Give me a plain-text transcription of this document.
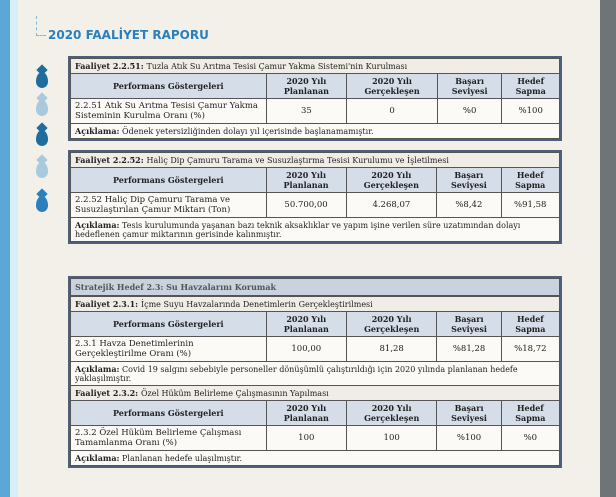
2020 FAALİYET RAPORU
Faaliyet 2.2.51: Tuzla Atık Su Arıtma Tesisi Çamur Yakma Sistemi'nin Kurulması				
Performans Göstergeleri	2020 Yılı Planlanan	2020 Yılı Gerçekleşen	Başarı Seviyesi	Hedef Sapma
2.2.51 Atık Su Arıtma Tesisi Çamur Yakma Sisteminin Kurulma Oranı (%)	35	0	%0	%100
Açıklama: Ödenek yetersizliğinden dolayı yıl içerisinde başlanamamıştır.				
Faaliyet 2.2.52: Haliç Dip Çamuru Tarama ve Susuzlaştırma Tesisi Kurulumu ve İşletilmesi				
Performans Göstergeleri	2020 Yılı Planlanan	2020 Yılı Gerçekleşen	Başarı Seviyesi	Hedef Sapma
2.2.52 Haliç Dip Çamuru Tarama ve Susuzlaştırılan Çamur Miktarı (Ton)	50.700,00	4.268,07	%8,42	%91,58
Açıklama: Tesis kurulumunda yaşanan bazı teknik aksaklıklar ve yapım işine verilen süre uzatımından dolayı hedeflenen çamur miktarının gerisinde kalınmıştır.				
Stratejik Hedef 2.3: Su Havzalarını Korumak
Faaliyet 2.3.1: İçme Suyu Havzalarında Denetimlerin Gerçekleştirilmesi				
Performans Göstergeleri	2020 Yılı Planlanan	2020 Yılı Gerçekleşen	Başarı Seviyesi	Hedef Sapma
2.3.1 Havza Denetimlerinin Gerçekleştirilme Oranı (%)	100,00	81,28	%81,28	%18,72
Açıklama: Covid 19 salgını sebebiyle personeller dönüşümlü çalıştırıldığı için 2020 yılında planlanan hedefe yaklaşılmıştır.				
Faaliyet 2.3.2: Özel Hüküm Belirleme Çalışmasının Yapılması				
Performans Göstergeleri	2020 Yılı Planlanan	2020 Yılı Gerçekleşen	Başarı Seviyesi	Hedef Sapma
2.3.2 Özel Hüküm Belirleme Çalışması Tamamlanma Oranı (%)	100	100	%100	%0
Açıklama: Planlanan hedefe ulaşılmıştır.				
